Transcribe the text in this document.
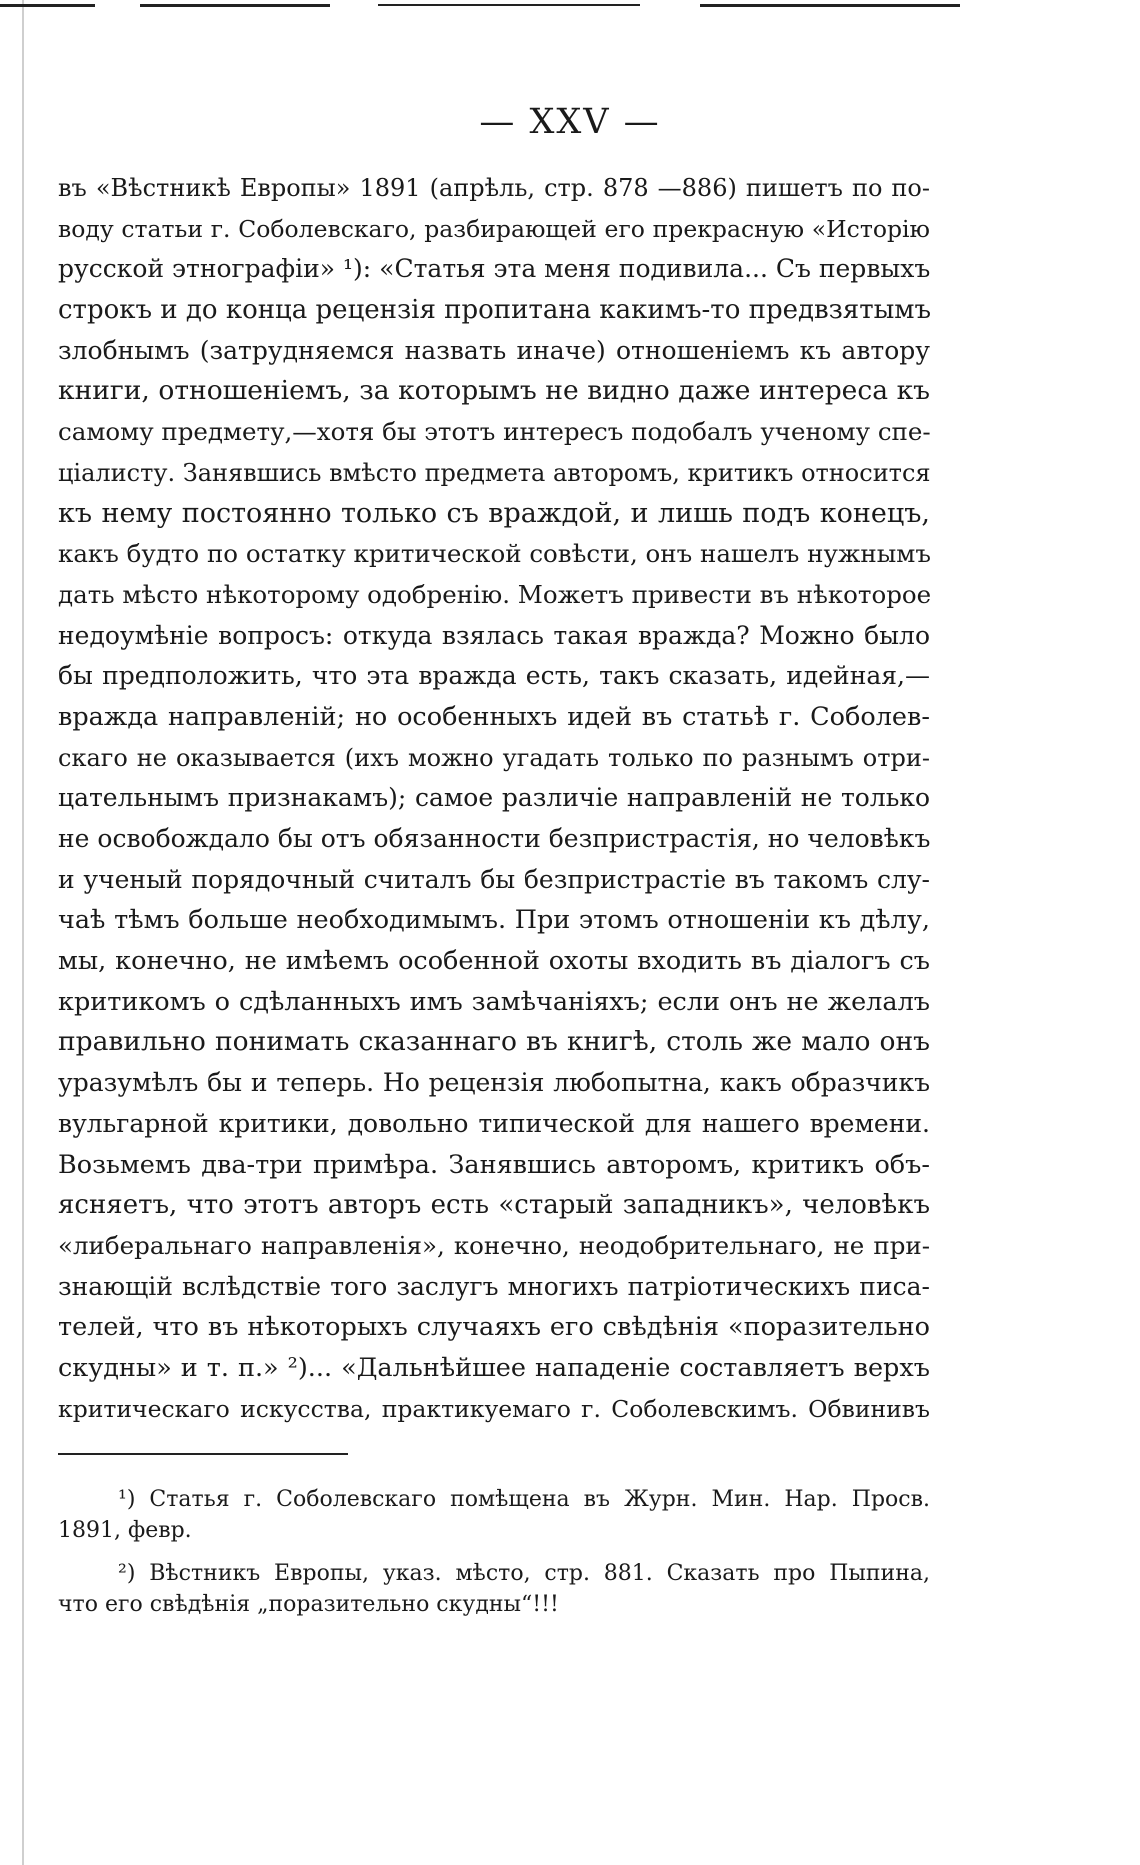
— XXV —
въ «Вѣстникѣ Европы» 1891 (апрѣль, стр. 878 —886) пишетъ по по-
воду статьи г. Соболевскаго, разбирающей его прекрасную «Исторію
русской этнографіи» ¹): «Статья эта меня подивила... Съ первыхъ
строкъ и до конца рецензія пропитана какимъ-то предвзятымъ
злобнымъ (затрудняемся назвать иначе) отношеніемъ къ автору
книги, отношеніемъ, за которымъ не видно даже интереса къ
самому предмету,—хотя бы этотъ интересъ подобалъ ученому спе-
ціалисту. Занявшись вмѣсто предмета авторомъ, критикъ относится
къ нему постоянно только съ враждой, и лишь подъ конецъ,
какъ будто по остатку критической совѣсти, онъ нашелъ нужнымъ
дать мѣсто нѣкоторому одобренію. Можетъ привести въ нѣкоторое
недоумѣніе вопросъ: откуда взялась такая вражда? Можно было
бы предположить, что эта вражда есть, такъ сказать, идейная,—
вражда направленій; но особенныхъ идей въ статьѣ г. Соболев-
скаго не оказывается (ихъ можно угадать только по разнымъ отри-
цательнымъ признакамъ); самое различіе направленій не только
не освобождало бы отъ обязанности безпристрастія, но человѣкъ
и ученый порядочный считалъ бы безпристрастіе въ такомъ слу-
чаѣ тѣмъ больше необходимымъ. При этомъ отношеніи къ дѣлу,
мы, конечно, не имѣемъ особенной охоты входить въ діалогъ съ
критикомъ о сдѣланныхъ имъ замѣчаніяхъ; если онъ не желалъ
правильно понимать сказаннаго въ книгѣ, столь же мало онъ
уразумѣлъ бы и теперь. Но рецензія любопытна, какъ образчикъ
вульгарной критики, довольно типической для нашего времени.
Возьмемъ два-три примѣра. Занявшись авторомъ, критикъ объ-
ясняетъ, что этотъ авторъ есть «старый западникъ», человѣкъ
«либеральнаго направленія», конечно, неодобрительнаго, не при-
знающій вслѣдствіе того заслугъ многихъ патріотическихъ писа-
телей, что въ нѣкоторыхъ случаяхъ его свѣдѣнія «поразительно
скудны» и т. п.» ²)... «Дальнѣйшее нападеніе составляетъ верхъ
критическаго искусства, практикуемаго г. Соболевскимъ. Обвинивъ
¹) Статья г. Соболевскаго помѣщена въ Журн. Мин. Нар. Просв.
1891, февр.
²) Вѣстникъ Европы, указ. мѣсто, стр. 881. Сказать про Пыпина,
что его свѣдѣнія „поразительно скудны“!!!
